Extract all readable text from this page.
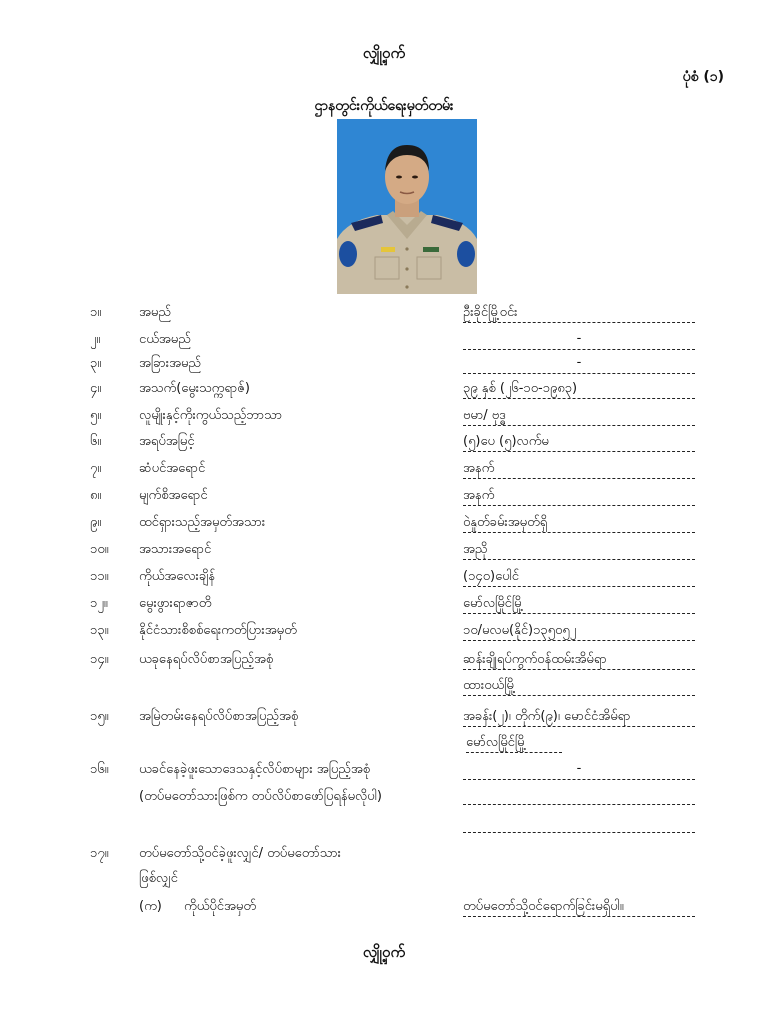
လျှို့ဝှက်
ပုံစံ (၁)
ဌာနတွင်းကိုယ်ရေးမှတ်တမ်း
၁။	အမည်	ဦးခိုင်မြို့ဝင်း
၂။	ငယ်အမည်	-
၃။	အခြားအမည်	-
၄။	အသက်(မွေးသက္ကရာဇ်)	၃၉ နှစ် (၂၆-၁၀-၁၉၈၃)
၅။	လူမျိုးနှင့်ကိုးကွယ်သည့်ဘာသာ	ဗမာ/ ဗုဒ္ဓ
၆။	အရပ်အမြင့်	(၅)ပေ (၅)လက်မ
၇။	ဆံပင်အရောင်	အနက်
၈။	မျက်စိအရောင်	အနက်
၉။	ထင်ရှားသည့်အမှတ်အသား	ဝဲနှုတ်ခမ်းအမှတ်ရှိ
၁၀။ အသားအရောင်	အညို
၁၁။ ကိုယ်အလေးချိန်	(၁၄၀)ပေါင်
၁၂။ မွေးဖွားရာဇာတိ	မော်လမြိုင်မြို့
၁၃။ နိုင်ငံသားစိစစ်ရေးကတ်ပြားအမှတ်	၁၀/မလမ(နိုင်)၁၃၅၀၅၂
၁၄။ ယခုနေရပ်လိပ်စာအပြည့်အစုံ	ဆန်းချိုရပ်ကွက်၀န်ထမ်းအိမ်ရာ
ထားဝယ်မြို့
၁၅။ အမြဲတမ်းနေရပ်လိပ်စာအပြည့်အစုံ	အခန်း(၂)၊ တိုက်(၉)၊ မောင်ငံအိမ်ရာ
မော်လမြိုင်မြို့
၁၆။ ယခင်နေခဲ့ဖူးသောဒေသနှင့်လိပ်စာများ အပြည့်အစုံ	-
(တပ်မတော်သားဖြစ်က တပ်လိပ်စာဖော်ပြရန်မလိုပါ)
၁၇။ တပ်မတော်သို့ဝင်ခဲ့ဖူးလျှင်/ တပ်မတော်သား
ဖြစ်လျှင်
(က) ကိုယ်ပိုင်အမှတ်	တပ်မတော်သို့ဝင်ရောက်ခြင်းမရှိပါ။
လျှို့ဝှက်
